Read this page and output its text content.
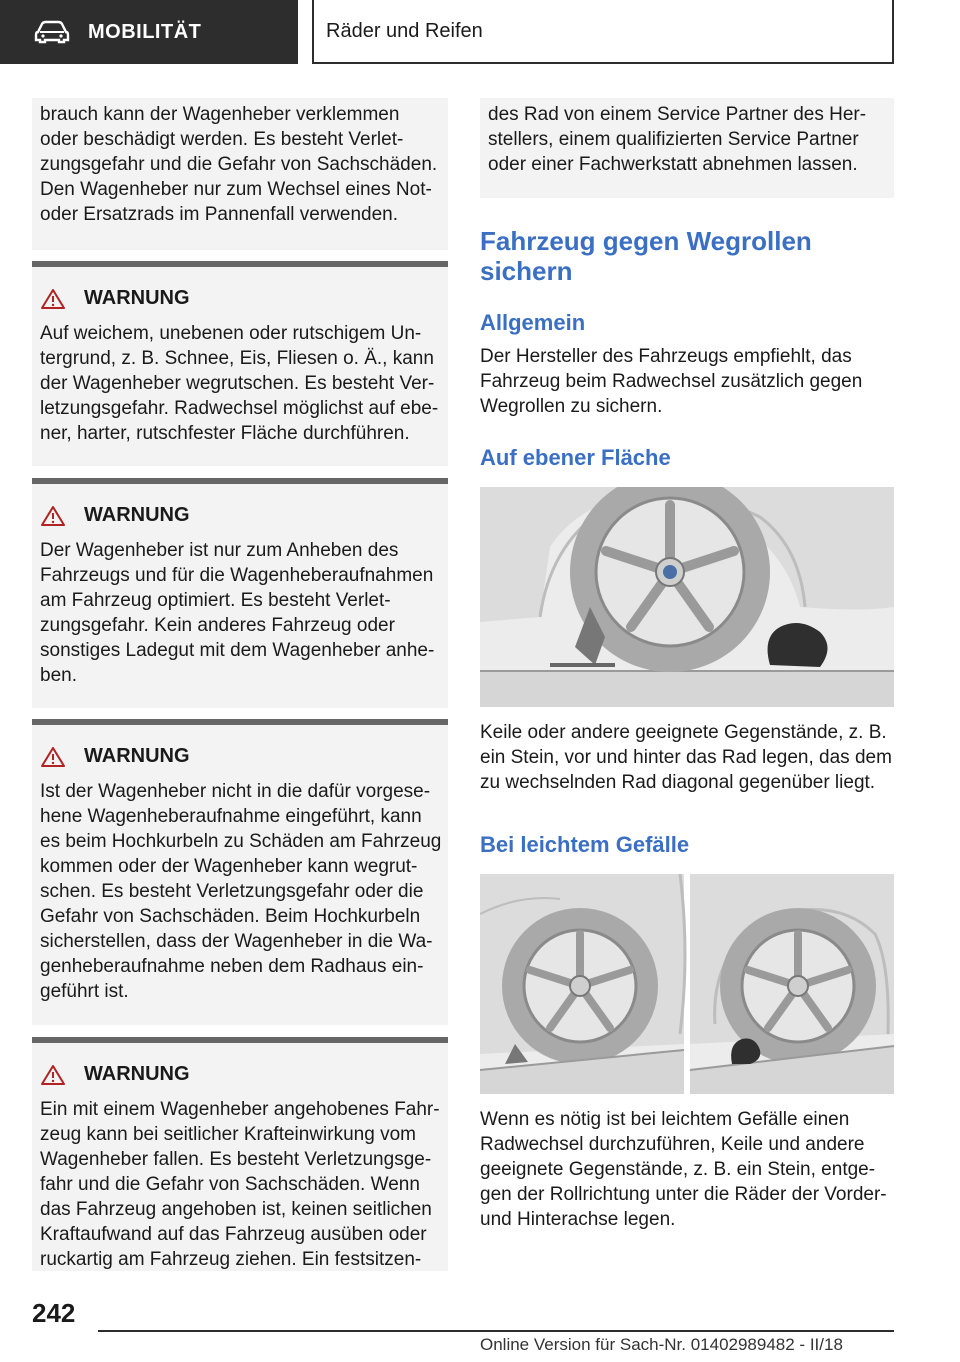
MOBILITÄT	Räder und Reifen
brauch kann der Wagenheber verklemmen
oder beschädigt werden. Es besteht Verlet‐
zungsgefahr und die Gefahr von Sachschäden.
Den Wagenheber nur zum Wechsel eines Not‐
oder Ersatzrads im Pannenfall verwenden.
WARNUNG
Auf weichem, unebenen oder rutschigem Un‐
tergrund, z. B. Schnee, Eis, Fliesen o. Ä., kann
der Wagenheber wegrutschen. Es besteht Ver‐
letzungsgefahr. Radwechsel möglichst auf ebe‐
ner, harter, rutschfester Fläche durchführen.
WARNUNG
Der Wagenheber ist nur zum Anheben des
Fahrzeugs und für die Wagenheberaufnahmen
am Fahrzeug optimiert. Es besteht Verlet‐
zungsgefahr. Kein anderes Fahrzeug oder
sonstiges Ladegut mit dem Wagenheber anhe‐
ben.
WARNUNG
Ist der Wagenheber nicht in die dafür vorgese‐
hene Wagenheberaufnahme eingeführt, kann
es beim Hochkurbeln zu Schäden am Fahrzeug
kommen oder der Wagenheber kann wegrut‐
schen. Es besteht Verletzungsgefahr oder die
Gefahr von Sachschäden. Beim Hochkurbeln
sicherstellen, dass der Wagenheber in die Wa‐
genheberaufnahme neben dem Radhaus ein‐
geführt ist.
WARNUNG
Ein mit einem Wagenheber angehobenes Fahr‐
zeug kann bei seitlicher Krafteinwirkung vom
Wagenheber fallen. Es besteht Verletzungsge‐
fahr und die Gefahr von Sachschäden. Wenn
das Fahrzeug angehoben ist, keinen seitlichen
Kraftaufwand auf das Fahrzeug ausüben oder
ruckartig am Fahrzeug ziehen. Ein festsitzen‐
des Rad von einem Service Partner des Her‐
stellers, einem qualifizierten Service Partner
oder einer Fachwerkstatt abnehmen lassen.
Fahrzeug gegen Wegrollen
sichern
Allgemein
Der Hersteller des Fahrzeugs empfiehlt, das
Fahrzeug beim Radwechsel zusätzlich gegen
Wegrollen zu sichern.
Auf ebener Fläche
Keile oder andere geeignete Gegenstände, z. B.
ein Stein, vor und hinter das Rad legen, das dem
zu wechselnden Rad diagonal gegenüber liegt.
Bei leichtem Gefälle
Wenn es nötig ist bei leichtem Gefälle einen
Radwechsel durchzuführen, Keile und andere
geeignete Gegenstände, z. B. ein Stein, entge‐
gen der Rollrichtung unter die Räder der Vorder‐
und Hinterachse legen.
242
Online Version für Sach-Nr. 01402989482 - II/18
